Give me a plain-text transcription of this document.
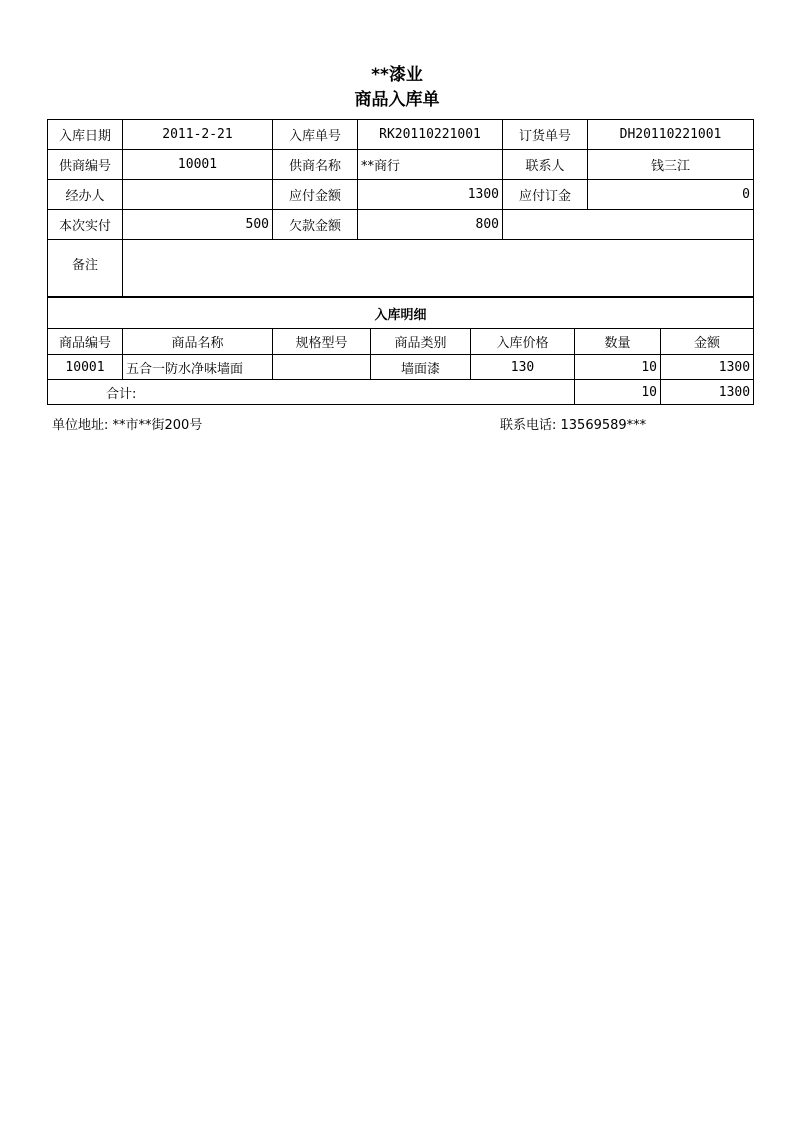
**漆业
商品入库单
入库日期	2011-2-21	入库单号	RK20110221001	订货单号	DH20110221001
供商编号	10001	供商名称	**商行	联系人	钱三江
经办人		应付金额	1300	应付订金	0
本次实付	500	欠款金额	800		
备注					
入库明细						
商品编号	商品名称	规格型号	商品类别	入库价格	数量	金额
10001	五合一防水净味墙面		墙面漆	130	10	1300
合计:					10	1300
单位地址: **市**街200号	联系电话: 13569589***
